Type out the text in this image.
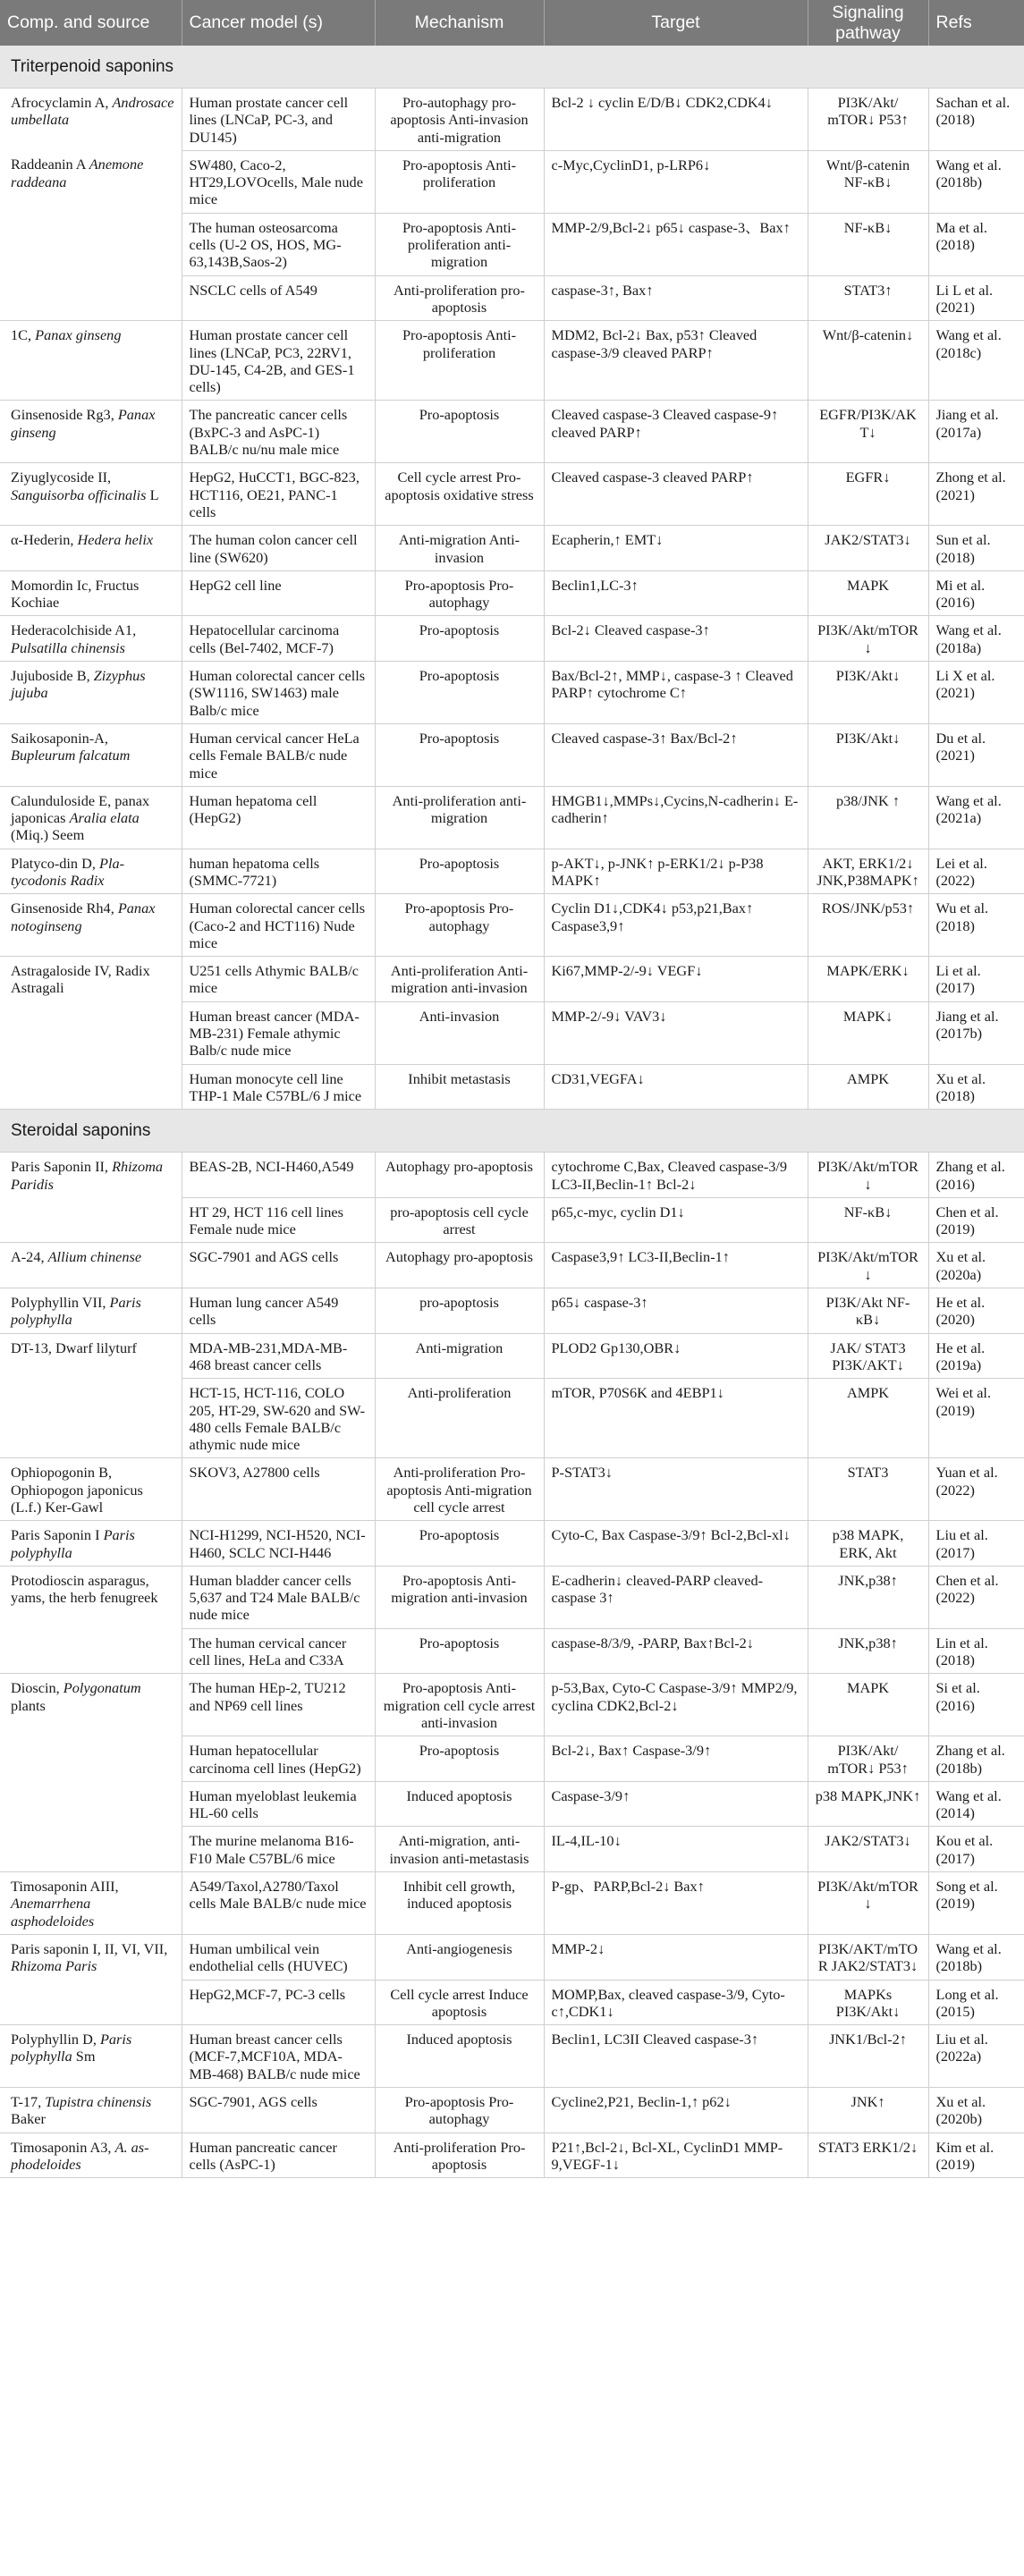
Comp. and source	Cancer model (s)	Mechanism	Target	Signaling pathway	Refs
Triterpenoid saponins					
Afrocyclamin A, Androsace umbellata	Human prostate cancer cell lines (LNCaP, PC-3, and DU145)	Pro-autophagy pro-apoptosis Anti-invasion anti-migration	Bcl-2 ↓ cyclin E/D/B↓ CDK2,CDK4↓	PI3K/Akt/ mTOR↓ P53↑	Sachan et al. (2018)
Raddeanin A Anemone raddeana	SW480, Caco-2, HT29,LOVOcells, Male nude mice	Pro-apoptosis Anti-proliferation	c-Myc,CyclinD1, p-LRP6↓	Wnt/β-catenin NF-κB↓	Wang et al. (2018b)
	The human osteosarcoma cells (U-2 OS, HOS, MG-63,143B,Saos-2)	Pro-apoptosis Anti-proliferation anti-migration	MMP-2/9,Bcl-2↓ p65↓ caspase-3、Bax↑	NF-κB↓	Ma et al. (2018)
	NSCLC cells of A549	Anti-proliferation pro-apoptosis	caspase-3↑, Bax↑	STAT3↑	Li L et al. (2021)
1C, Panax ginseng	Human prostate cancer cell lines (LNCaP, PC3, 22RV1, DU-145, C4-2B, and GES-1 cells)	Pro-apoptosis Anti-proliferation	MDM2, Bcl-2↓ Bax, p53↑ Cleaved caspase-3/9 cleaved PARP↑	Wnt/β-catenin↓	Wang et al. (2018c)
Ginsenoside Rg3, Panax ginseng	The pancreatic cancer cells (BxPC-3 and AsPC-1) BALB/c nu/nu male mice	Pro-apoptosis	Cleaved caspase-3 Cleaved caspase-9↑ cleaved PARP↑	EGFR/PI3K/AKT↓	Jiang et al. (2017a)
Ziyuglycoside II, Sanguisorba officinalis L	HepG2, HuCCT1, BGC-823, HCT116, OE21, PANC-1 cells	Cell cycle arrest Pro-apoptosis oxidative stress	Cleaved caspase-3 cleaved PARP↑	EGFR↓	Zhong et al. (2021)
α-Hederin, Hedera helix	The human colon cancer cell line (SW620)	Anti-migration Anti-invasion	Ecapherin,↑ EMT↓	JAK2/STAT3↓	Sun et al. (2018)
Momordin Ic, Fructus Kochiae	HepG2 cell line	Pro-apoptosis Pro-autophagy	Beclin1,LC-3↑	MAPK	Mi et al. (2016)
Hederacolchiside A1, Pulsatilla chinensis	Hepatocellular carcinoma cells (Bel-7402, MCF-7)	Pro-apoptosis	Bcl-2↓ Cleaved caspase-3↑	PI3K/Akt/mTOR↓	Wang et al. (2018a)
Jujuboside B, Zizyphus jujuba	Human colorectal cancer cells (SW1116, SW1463) male Balb/c mice	Pro-apoptosis	Bax/Bcl-2↑, MMP↓, caspase-3 ↑ Cleaved PARP↑ cytochrome C↑	PI3K/Akt↓	Li X et al. (2021)
Saikosaponin-A, Bupleurum falcatum	Human cervical cancer HeLa cells Female BALB/c nude mice	Pro-apoptosis	Cleaved caspase-3↑ Bax/Bcl-2↑	PI3K/Akt↓	Du et al. (2021)
Calunduloside E, panax japonicas Aralia elata (Miq.) Seem	Human hepatoma cell (HepG2)	Anti-proliferation anti-migration	HMGB1↓,MMPs↓,Cycins,N-cadherin↓ E-cadherin↑	p38/JNK ↑	Wang et al. (2021a)
Platyco-din D, Pla-tycodonis Radix	human hepatoma cells (SMMC-7721)	Pro-apoptosis	p-AKT↓, p-JNK↑ p-ERK1/2↓ p-P38 MAPK↑	AKT, ERK1/2↓ JNK,P38MAPK↑	Lei et al. (2022)
Ginsenoside Rh4, Panax notoginseng	Human colorectal cancer cells (Caco-2 and HCT116) Nude mice	Pro-apoptosis Pro-autophagy	Cyclin D1↓,CDK4↓ p53,p21,Bax↑ Caspase3,9↑	ROS/JNK/p53↑	Wu et al. (2018)
Astragaloside IV, Radix Astragali	U251 cells Athymic BALB/c mice	Anti-proliferation Anti-migration anti-invasion	Ki67,MMP-2/-9↓ VEGF↓	MAPK/ERK↓	Li et al. (2017)
	Human breast cancer (MDA-MB-231) Female athymic Balb/c nude mice	Anti-invasion	MMP-2/-9↓ VAV3↓	MAPK↓	Jiang et al. (2017b)
	Human monocyte cell line THP-1 Male C57BL/6 J mice	Inhibit metastasis	CD31,VEGFA↓	AMPK	Xu et al. (2018)
Steroidal saponins					
Paris Saponin II, Rhizoma Paridis	BEAS-2B, NCI-H460,A549	Autophagy pro-apoptosis	cytochrome C,Bax, Cleaved caspase-3/9 LC3-II,Beclin-1↑ Bcl-2↓	PI3K/Akt/mTOR↓	Zhang et al. (2016)
	HT 29, HCT 116 cell lines Female nude mice	pro-apoptosis cell cycle arrest	p65,c-myc, cyclin D1↓	NF-κB↓	Chen et al. (2019)
A-24, Allium chinense	SGC-7901 and AGS cells	Autophagy pro-apoptosis	Caspase3,9↑ LC3-II,Beclin-1↑	PI3K/Akt/mTOR↓	Xu et al. (2020a)
Polyphyllin VII, Paris polyphylla	Human lung cancer A549 cells	pro-apoptosis	p65↓ caspase-3↑	PI3K/Akt NF-κB↓	He et al. (2020)
DT-13, Dwarf lilyturf	MDA-MB-231,MDA-MB-468 breast cancer cells	Anti-migration	PLOD2 Gp130,OBR↓	JAK/ STAT3 PI3K/AKT↓	He et al. (2019a)
	HCT-15, HCT-116, COLO 205, HT-29, SW-620 and SW-480 cells Female BALB/c athymic nude mice	Anti-proliferation	mTOR, P70S6K and 4EBP1↓	AMPK	Wei et al. (2019)
Ophiopogonin B, Ophiopogon japonicus (L.f.) Ker-Gawl	SKOV3, A27800 cells	Anti-proliferation Pro-apoptosis Anti-migration cell cycle arrest	P-STAT3↓	STAT3	Yuan et al. (2022)
Paris Saponin I Paris polyphylla	NCI-H1299, NCI-H520, NCI-H460, SCLC NCI-H446	Pro-apoptosis	Cyto-C, Bax Caspase-3/9↑ Bcl-2,Bcl-xl↓	p38 MAPK, ERK, Akt	Liu et al. (2017)
Protodioscin asparagus, yams, the herb fenugreek	Human bladder cancer cells 5,637 and T24 Male BALB/c nude mice	Pro-apoptosis Anti-migration anti-invasion	E-cadherin↓ cleaved-PARP cleaved-caspase 3↑	JNK,p38↑	Chen et al. (2022)
	The human cervical cancer cell lines, HeLa and C33A	Pro-apoptosis	caspase-8/3/9, -PARP, Bax↑Bcl-2↓	JNK,p38↑	Lin et al. (2018)
Dioscin, Polygonatum plants	The human HEp-2, TU212 and NP69 cell lines	Pro-apoptosis Anti-migration cell cycle arrest anti-invasion	p-53,Bax, Cyto-C Caspase-3/9↑ MMP2/9, cyclina CDK2,Bcl-2↓	MAPK	Si et al. (2016)
	Human hepatocellular carcinoma cell lines (HepG2)	Pro-apoptosis	Bcl-2↓, Bax↑ Caspase-3/9↑	PI3K/Akt/ mTOR↓ P53↑	Zhang et al. (2018b)
	Human myeloblast leukemia HL-60 cells	Induced apoptosis	Caspase-3/9↑	p38 MAPK,JNK↑	Wang et al. (2014)
	The murine melanoma B16-F10 Male C57BL/6 mice	Anti-migration, anti-invasion anti-metastasis	IL-4,IL-10↓	JAK2/STAT3↓	Kou et al. (2017)
Timosaponin AIII, Anemarrhena asphodeloides	A549/Taxol,A2780/Taxol cells Male BALB/c nude mice	Inhibit cell growth, induced apoptosis	P-gp、PARP,Bcl-2↓ Bax↑	PI3K/Akt/mTOR↓	Song et al. (2019)
Paris saponin I, II, VI, VII, Rhizoma Paris	Human umbilical vein endothelial cells (HUVEC)	Anti-angiogenesis	MMP-2↓	PI3K/AKT/mTOR JAK2/STAT3↓	Wang et al. (2018b)
	HepG2,MCF-7, PC-3 cells	Cell cycle arrest Induce apoptosis	MOMP,Bax, cleaved caspase-3/9, Cyto-c↑,CDK1↓	MAPKs PI3K/Akt↓	Long et al. (2015)
Polyphyllin D, Paris polyphylla Sm	Human breast cancer cells (MCF-7,MCF10A, MDA-MB-468) BALB/c nude mice	Induced apoptosis	Beclin1, LC3II Cleaved caspase-3↑	JNK1/Bcl-2↑	Liu et al. (2022a)
T-17, Tupistra chinensis Baker	SGC-7901, AGS cells	Pro-apoptosis Pro-autophagy	Cycline2,P21, Beclin-1,↑ p62↓	JNK↑	Xu et al. (2020b)
Timosaponin A3, A. as-phodeloides	Human pancreatic cancer cells (AsPC-1)	Anti-proliferation Pro-apoptosis	P21↑,Bcl-2↓, Bcl-XL, CyclinD1 MMP-9,VEGF-1↓	STAT3 ERK1/2↓	Kim et al. (2019)
